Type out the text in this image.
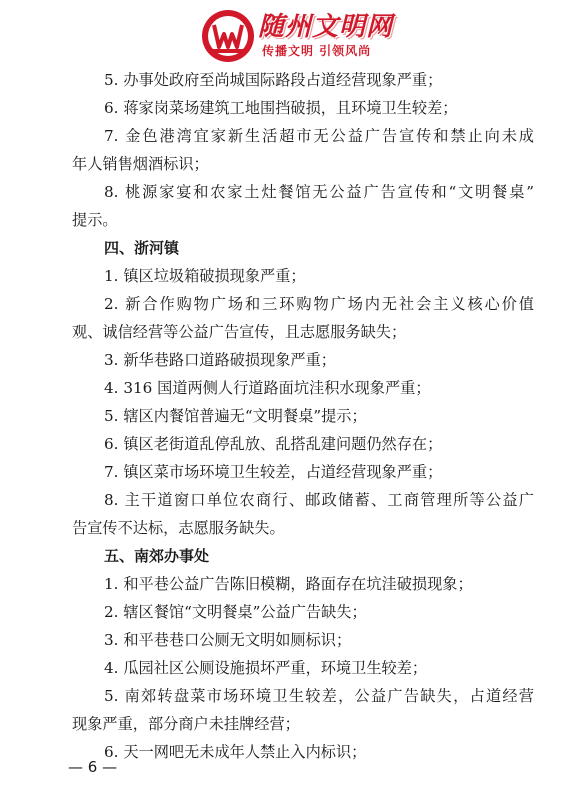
随州文明网
传播文明 引领风尚
5. 办事处政府至尚城国际路段占道经营现象严重；
6. 蒋家岗菜场建筑工地围挡破损，且环境卫生较差；
7. 金色港湾宜家新生活超市无公益广告宣传和禁止向未成
年人销售烟酒标识；
8. 桃源家宴和农家土灶餐馆无公益广告宣传和“文明餐桌”
提示。
四、浙河镇
1. 镇区垃圾箱破损现象严重；
2. 新合作购物广场和三环购物广场内无社会主义核心价值
观、诚信经营等公益广告宣传，且志愿服务缺失；
3. 新华巷路口道路破损现象严重；
4. 316 国道两侧人行道路面坑洼积水现象严重；
5. 辖区内餐馆普遍无“文明餐桌”提示；
6. 镇区老街道乱停乱放、乱搭乱建问题仍然存在；
7. 镇区菜市场环境卫生较差，占道经营现象严重；
8. 主干道窗口单位农商行、邮政储蓄、工商管理所等公益广
告宣传不达标，志愿服务缺失。
五、南郊办事处
1. 和平巷公益广告陈旧模糊，路面存在坑洼破损现象；
2. 辖区餐馆“文明餐桌”公益广告缺失；
3. 和平巷巷口公厕无文明如厕标识；
4. 瓜园社区公厕设施损坏严重，环境卫生较差；
5. 南郊转盘菜市场环境卫生较差，公益广告缺失，占道经营
现象严重，部分商户未挂牌经营；
6. 天一网吧无未成年人禁止入内标识；
— 6 —
